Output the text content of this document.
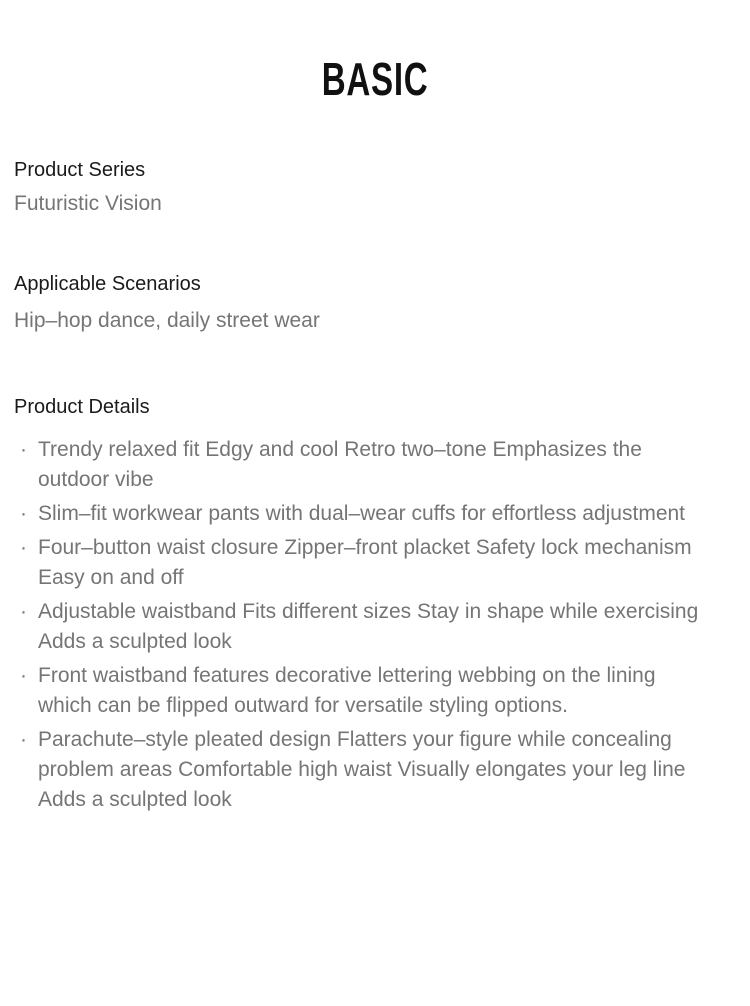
BASIC
Product Series
Futuristic Vision
Applicable Scenarios
Hip–hop dance, daily street wear
Product Details
· Trendy relaxed fit Edgy and cool Retro two–tone Emphasizes the outdoor vibe
· Slim–fit workwear pants with dual–wear cuffs for effortless adjustment
· Four–button waist closure Zipper–front placket Safety lock mechanism Easy on and off
· Adjustable waistband Fits different sizes Stay in shape while exercising Adds a sculpted look
· Front waistband features decorative lettering webbing on the lining which can be flipped outward for versatile styling options.
· Parachute–style pleated design Flatters your figure while concealing problem areas Comfortable high waist Visually elongates your leg line Adds a sculpted look
